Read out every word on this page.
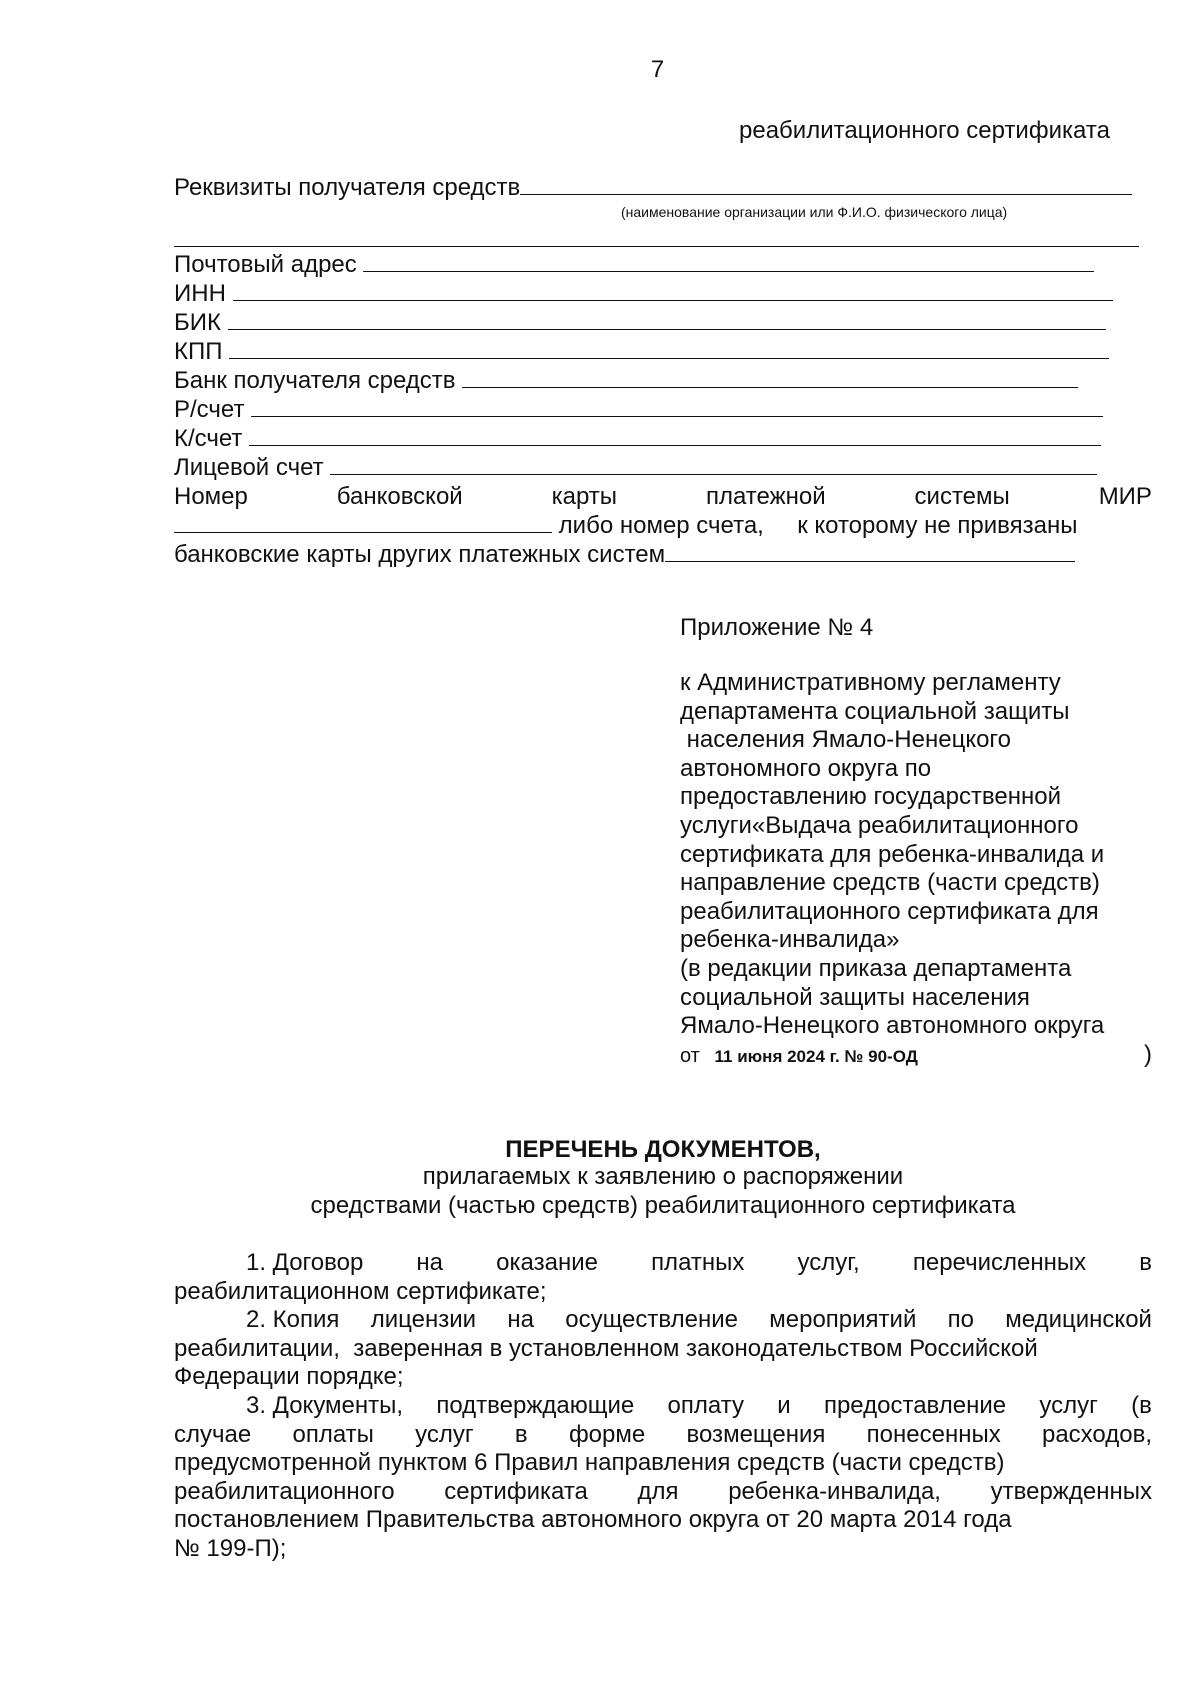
7
реабилитационного сертификата
Реквизиты получателя средств
(наименование организации или Ф.И.О. физического лица)
Почтовый адрес
ИНН
БИК
КПП
Банк получателя средств
Р/счет
К/счет
Лицевой счет
Номер	банковской	карты	платежной	системы	МИР
либо номер счета, к которому не привязаны
банковские карты других платежных систем
Приложение № 4
к Административному регламенту
департамента социальной защиты
населения Ямало-Ненецкого
автономного округа по
предоставлению государственной
услуги«Выдача реабилитационного
сертификата для ребенка-инвалида и
направление средств (части средств)
реабилитационного сертификата для
ребенка-инвалида»
(в редакции приказа департамента
социальной защиты населения
Ямало-Ненецкого автономного округа
от 11 июня 2024 г. № 90-ОД	)
ПЕРЕЧЕНЬ ДОКУМЕНТОВ,
прилагаемых к заявлению о распоряжении
средствами (частью средств) реабилитационного сертификата
1. Договор на оказание платных услуг, перечисленных в
реабилитационном сертификате;
2. Копия лицензии на осуществление мероприятий по медицинской
реабилитации,  заверенная в установленном законодательством Российской
Федерации порядке;
3. Документы, подтверждающие оплату и предоставление услуг (в
случае оплаты услуг в форме возмещения понесенных расходов,
предусмотренной пунктом 6 Правил направления средств (части средств)
реабилитационного сертификата для ребенка-инвалида, утвержденных
постановлением Правительства автономного округа от 20 марта 2014 года
№ 199-П);
